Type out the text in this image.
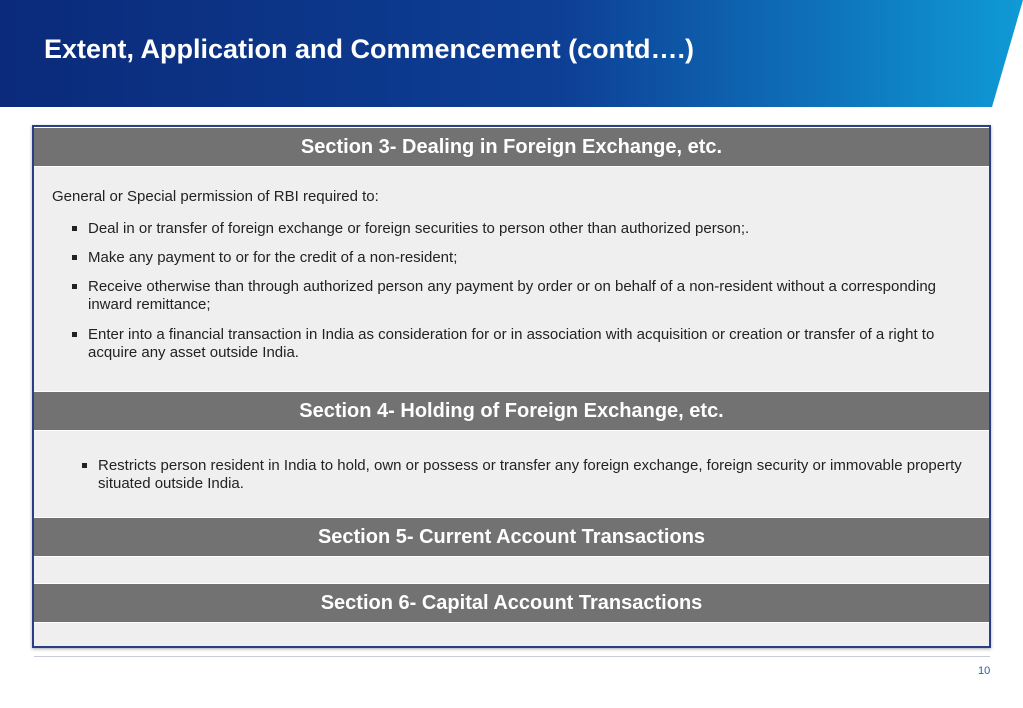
Extent, Application and Commencement (contd….)
Section 3- Dealing in Foreign Exchange, etc.
General or Special permission of RBI required to:
Deal in or transfer of foreign exchange or foreign securities to person other than authorized person;.
Make any payment to or for the credit of a non-resident;
Receive otherwise than through authorized person any payment by order or on behalf of a non-resident without a corresponding inward remittance;
Enter into a financial transaction in India as consideration for or in association with acquisition or creation or transfer of a right to acquire any asset outside India.
Section 4- Holding of Foreign Exchange, etc.
Restricts person resident in India to hold, own or possess or transfer any foreign exchange, foreign security or immovable property situated outside India.
Section 5- Current Account Transactions
Section 6- Capital Account Transactions
10
